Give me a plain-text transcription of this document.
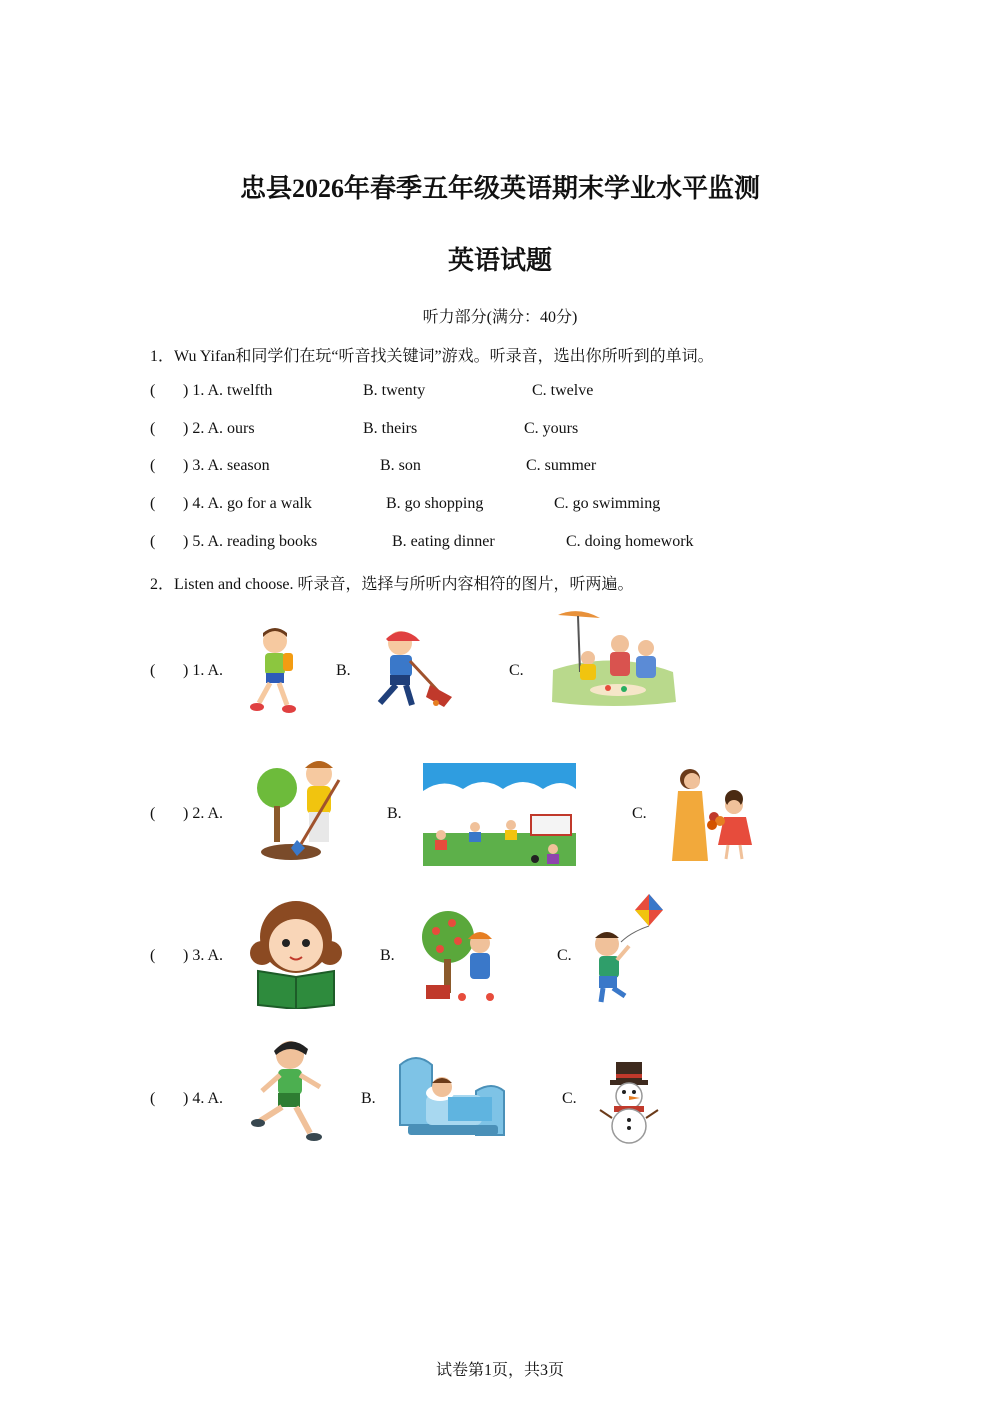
忠县2026年春季五年级英语期末学业水平监测
英语试题
听力部分(满分：40分)
1．Wu Yifan和同学们在玩“听音找关键词”游戏。听录音，选出你所听到的单词。
( ) 1. A. twelfth	B. twenty	C. twelve
( ) 2. A. ours	B. theirs	C. yours
( ) 3. A. season	B. son	C. summer
( ) 4. A. go for a walk	B. go shopping	C. go swimming
( ) 5. A. reading books	B. eating dinner	C. doing homework
2．Listen and choose. 听录音，选择与所听内容相符的图片，听两遍。
( ) 1. A.	B.	C.
( ) 2. A.	B.	C.
( ) 3. A.	B.	C.
( ) 4. A.	B.	C.
试卷第1页，共3页
